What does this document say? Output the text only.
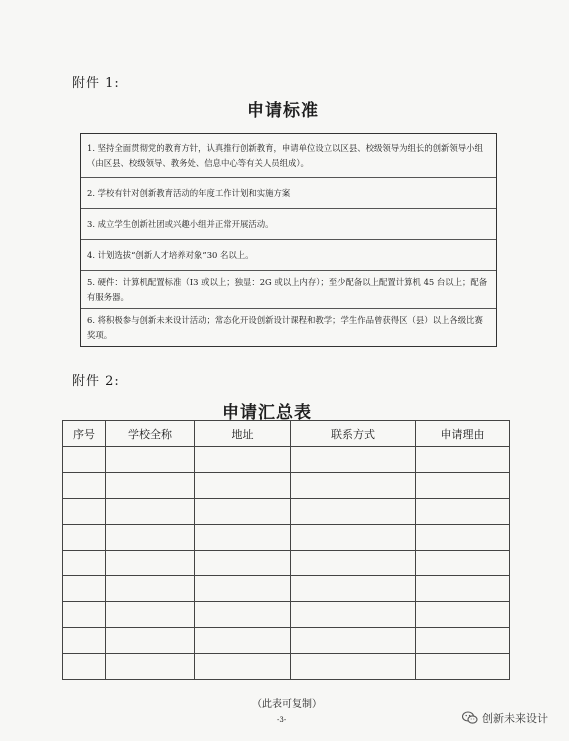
附件 1:
申请标准
1. 坚持全面贯彻党的教育方针，认真推行创新教育，申请单位设立以区县、校级领导为组长的创新领导小组（由区县、校级领导、教务处、信息中心等有关人员组成）。
2. 学校有针对创新教育活动的年度工作计划和实施方案
3. 成立学生创新社团或兴趣小组并正常开展活动。
4. 计划选拔“创新人才培养对象”30 名以上。
5. 硬件：计算机配置标准（I3 或以上；独显：2G 或以上内存）；至少配备以上配置计算机 45 台以上；配备有服务器。
6. 将积极参与创新未来设计活动；常态化开设创新设计课程和教学；学生作品曾获得区（县）以上各级比赛奖项。
附件 2:
申请汇总表
序号	学校全称	地址	联系方式	申请理由

（此表可复制）
-3-	创新未来设计
